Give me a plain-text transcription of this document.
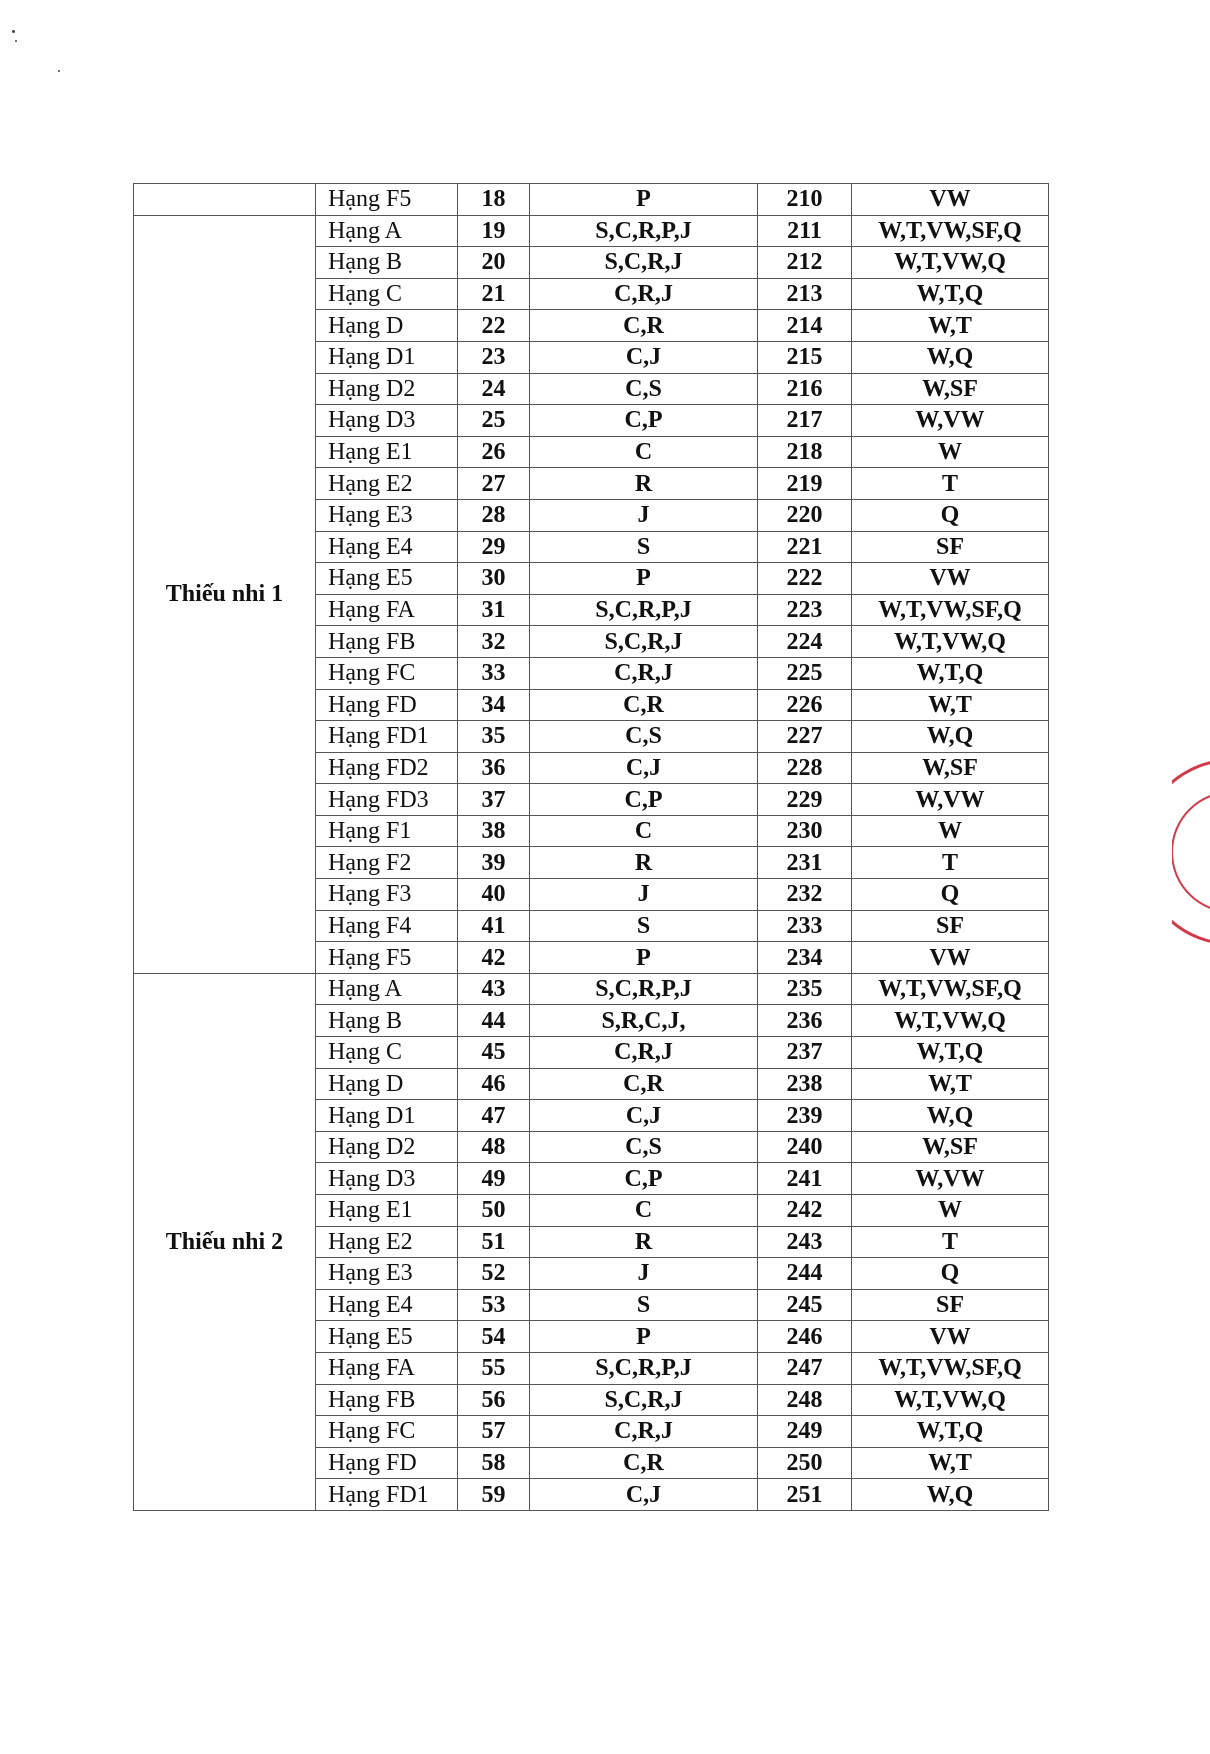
	Hạng F5	18	P	210	VW
Thiếu nhi 1	Hạng A	19	S,C,R,P,J	211	W,T,VW,SF,Q
	Hạng B	20	S,C,R,J	212	W,T,VW,Q
	Hạng C	21	C,R,J	213	W,T,Q
	Hạng D	22	C,R	214	W,T
	Hạng D1	23	C,J	215	W,Q
	Hạng D2	24	C,S	216	W,SF
	Hạng D3	25	C,P	217	W,VW
	Hạng E1	26	C	218	W
	Hạng E2	27	R	219	T
	Hạng E3	28	J	220	Q
	Hạng E4	29	S	221	SF
	Hạng E5	30	P	222	VW
	Hạng FA	31	S,C,R,P,J	223	W,T,VW,SF,Q
	Hạng FB	32	S,C,R,J	224	W,T,VW,Q
	Hạng FC	33	C,R,J	225	W,T,Q
	Hạng FD	34	C,R	226	W,T
	Hạng FD1	35	C,S	227	W,Q
	Hạng FD2	36	C,J	228	W,SF
	Hạng FD3	37	C,P	229	W,VW
	Hạng F1	38	C	230	W
	Hạng F2	39	R	231	T
	Hạng F3	40	J	232	Q
	Hạng F4	41	S	233	SF
	Hạng F5	42	P	234	VW
Thiếu nhi 2	Hạng A	43	S,C,R,P,J	235	W,T,VW,SF,Q
	Hạng B	44	S,R,C,J,	236	W,T,VW,Q
	Hạng C	45	C,R,J	237	W,T,Q
	Hạng D	46	C,R	238	W,T
	Hạng D1	47	C,J	239	W,Q
	Hạng D2	48	C,S	240	W,SF
	Hạng D3	49	C,P	241	W,VW
	Hạng E1	50	C	242	W
	Hạng E2	51	R	243	T
	Hạng E3	52	J	244	Q
	Hạng E4	53	S	245	SF
	Hạng E5	54	P	246	VW
	Hạng FA	55	S,C,R,P,J	247	W,T,VW,SF,Q
	Hạng FB	56	S,C,R,J	248	W,T,VW,Q
	Hạng FC	57	C,R,J	249	W,T,Q
	Hạng FD	58	C,R	250	W,T
	Hạng FD1	59	C,J	251	W,Q
